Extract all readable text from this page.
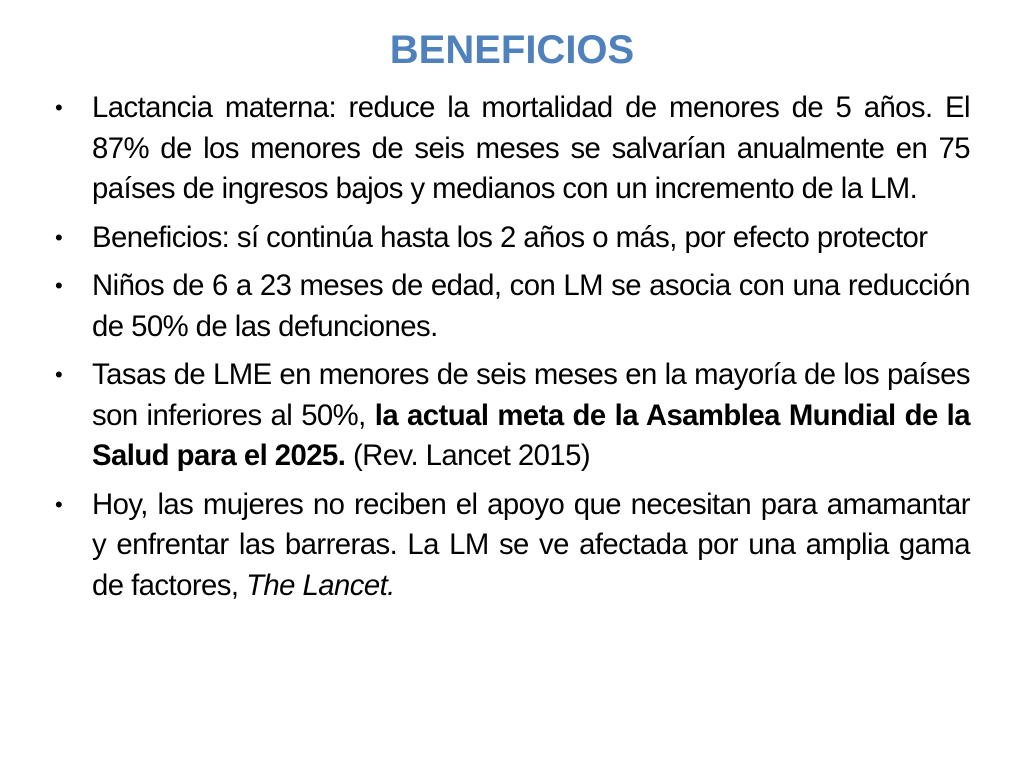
BENEFICIOS
• Lactancia materna: reduce la mortalidad de menores de 5 años. El 87% de los menores de seis meses se salvarían anualmente en 75 países de ingresos bajos y medianos con un incremento de la LM.
• Beneficios: sí continúa hasta los 2 años o más, por efecto protector
• Niños de 6 a 23 meses de edad, con LM se asocia con una reducción de 50% de las defunciones.
• Tasas de LME en menores de seis meses en la mayoría de los países son inferiores al 50%, la actual meta de la Asamblea Mundial de la Salud para el 2025. (Rev. Lancet 2015)
• Hoy, las mujeres no reciben el apoyo que necesitan para amamantar y enfrentar las barreras. La LM se ve afectada por una amplia gama de factores, The Lancet.
